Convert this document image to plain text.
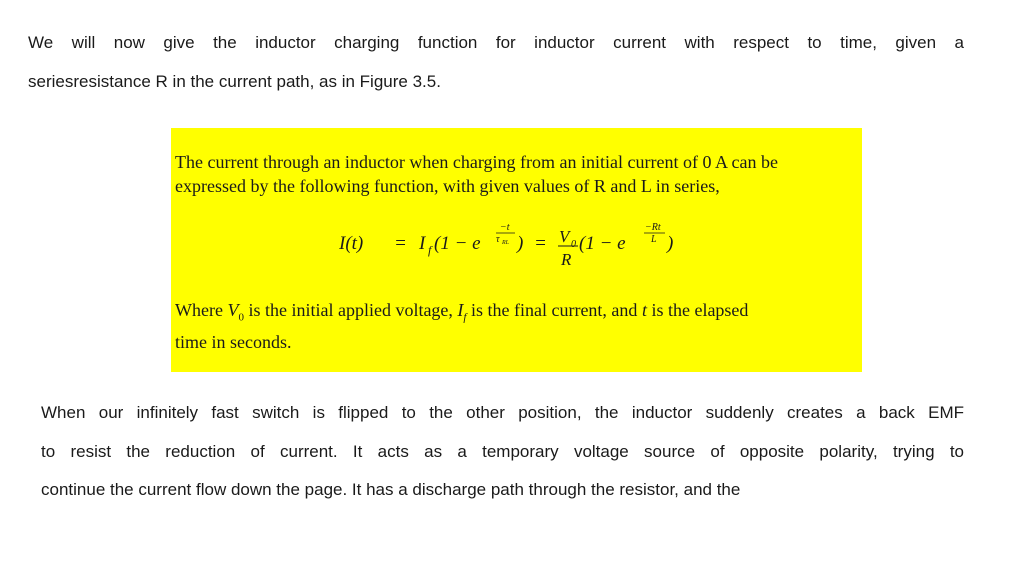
We will now give the inductor charging function for inductor current with respect to time, given a
seriesresistance R in the current path, as in Figure 3.5.

The current through an inductor when charging from an initial current of 0 A can be
expressed by the following function, with given values of R and L in series,

I(t) = I f (1 − e
−t
τ RL ) = V 0
R
(1 − e
−Rt
L )

Where $V_0$ is the initial applied voltage, $I_f$ is the final current, and t is the elapsed
time in seconds.

When our infinitely fast switch is flipped to the other position, the inductor suddenly creates a back EMF
to resist the reduction of current. It acts as a temporary voltage source of opposite polarity, trying to
continue the current flow down the page. It has a discharge path through the resistor, and the
